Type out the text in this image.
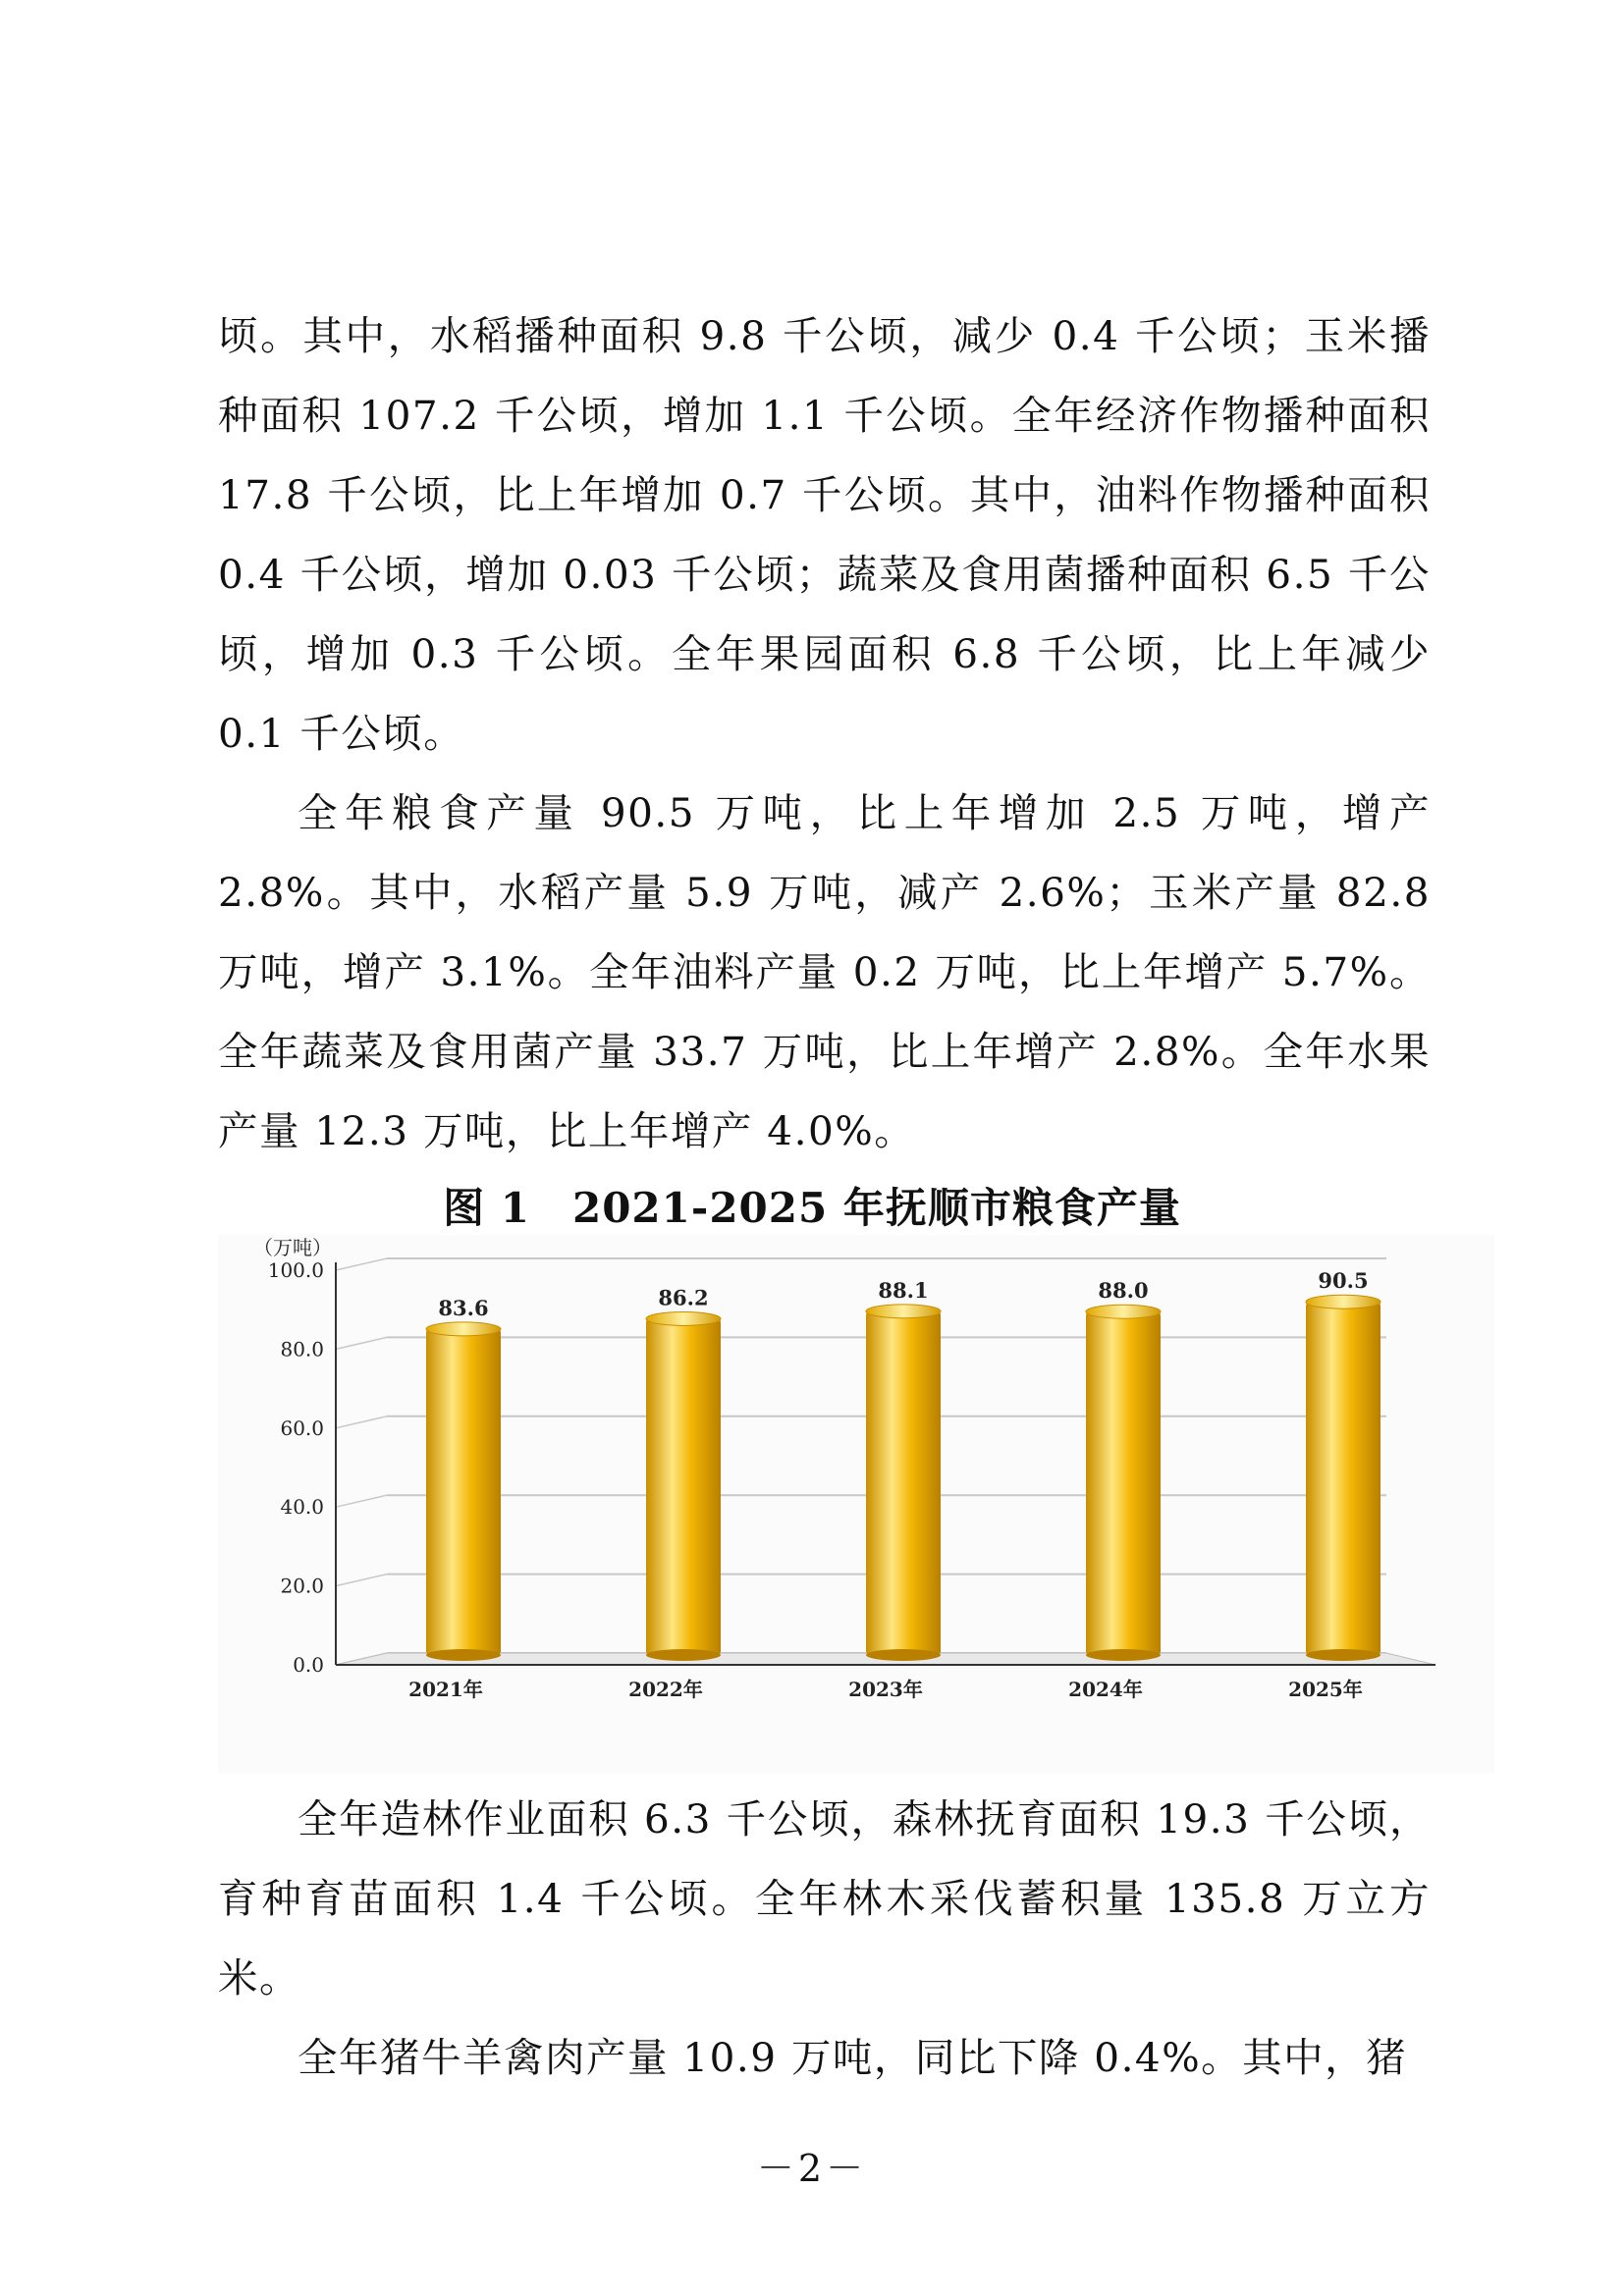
顷。其中，水稻播种面积 9.8 千公顷，减少 0.4 千公顷；玉米播种面积 107.2 千公顷，增加 1.1 千公顷。全年经济作物播种面积 17.8 千公顷，比上年增加 0.7 千公顷。其中，油料作物播种面积 0.4 千公顷，增加 0.03 千公顷；蔬菜及食用菌播种面积 6.5 千公顷，增加 0.3 千公顷。全年果园面积 6.8 千公顷，比上年减少 0.1 千公顷。

全年粮食产量 90.5 万吨，比上年增加 2.5 万吨，增产 2.8%。其中，水稻产量 5.9 万吨，减产 2.6%；玉米产量 82.8 万吨，增产 3.1%。全年油料产量 0.2 万吨，比上年增产 5.7%。全年蔬菜及食用菌产量 33.7 万吨，比上年增产 2.8%。全年水果产量 12.3 万吨，比上年增产 4.0%。

图 1　2021-2025 年抚顺市粮食产量
（万吨）
0.0
20.0
40.0
60.0
80.0
100.0
83.6
2021年
86.2
2022年
88.1
2023年
88.0
2024年
90.5
2025年

全年造林作业面积 6.3 千公顷，森林抚育面积 19.3 千公顷，育种育苗面积 1.4 千公顷。全年林木采伐蓄积量 135.8 万立方米。

全年猪牛羊禽肉产量 10.9 万吨，同比下降 0.4%。其中，猪

－2－
